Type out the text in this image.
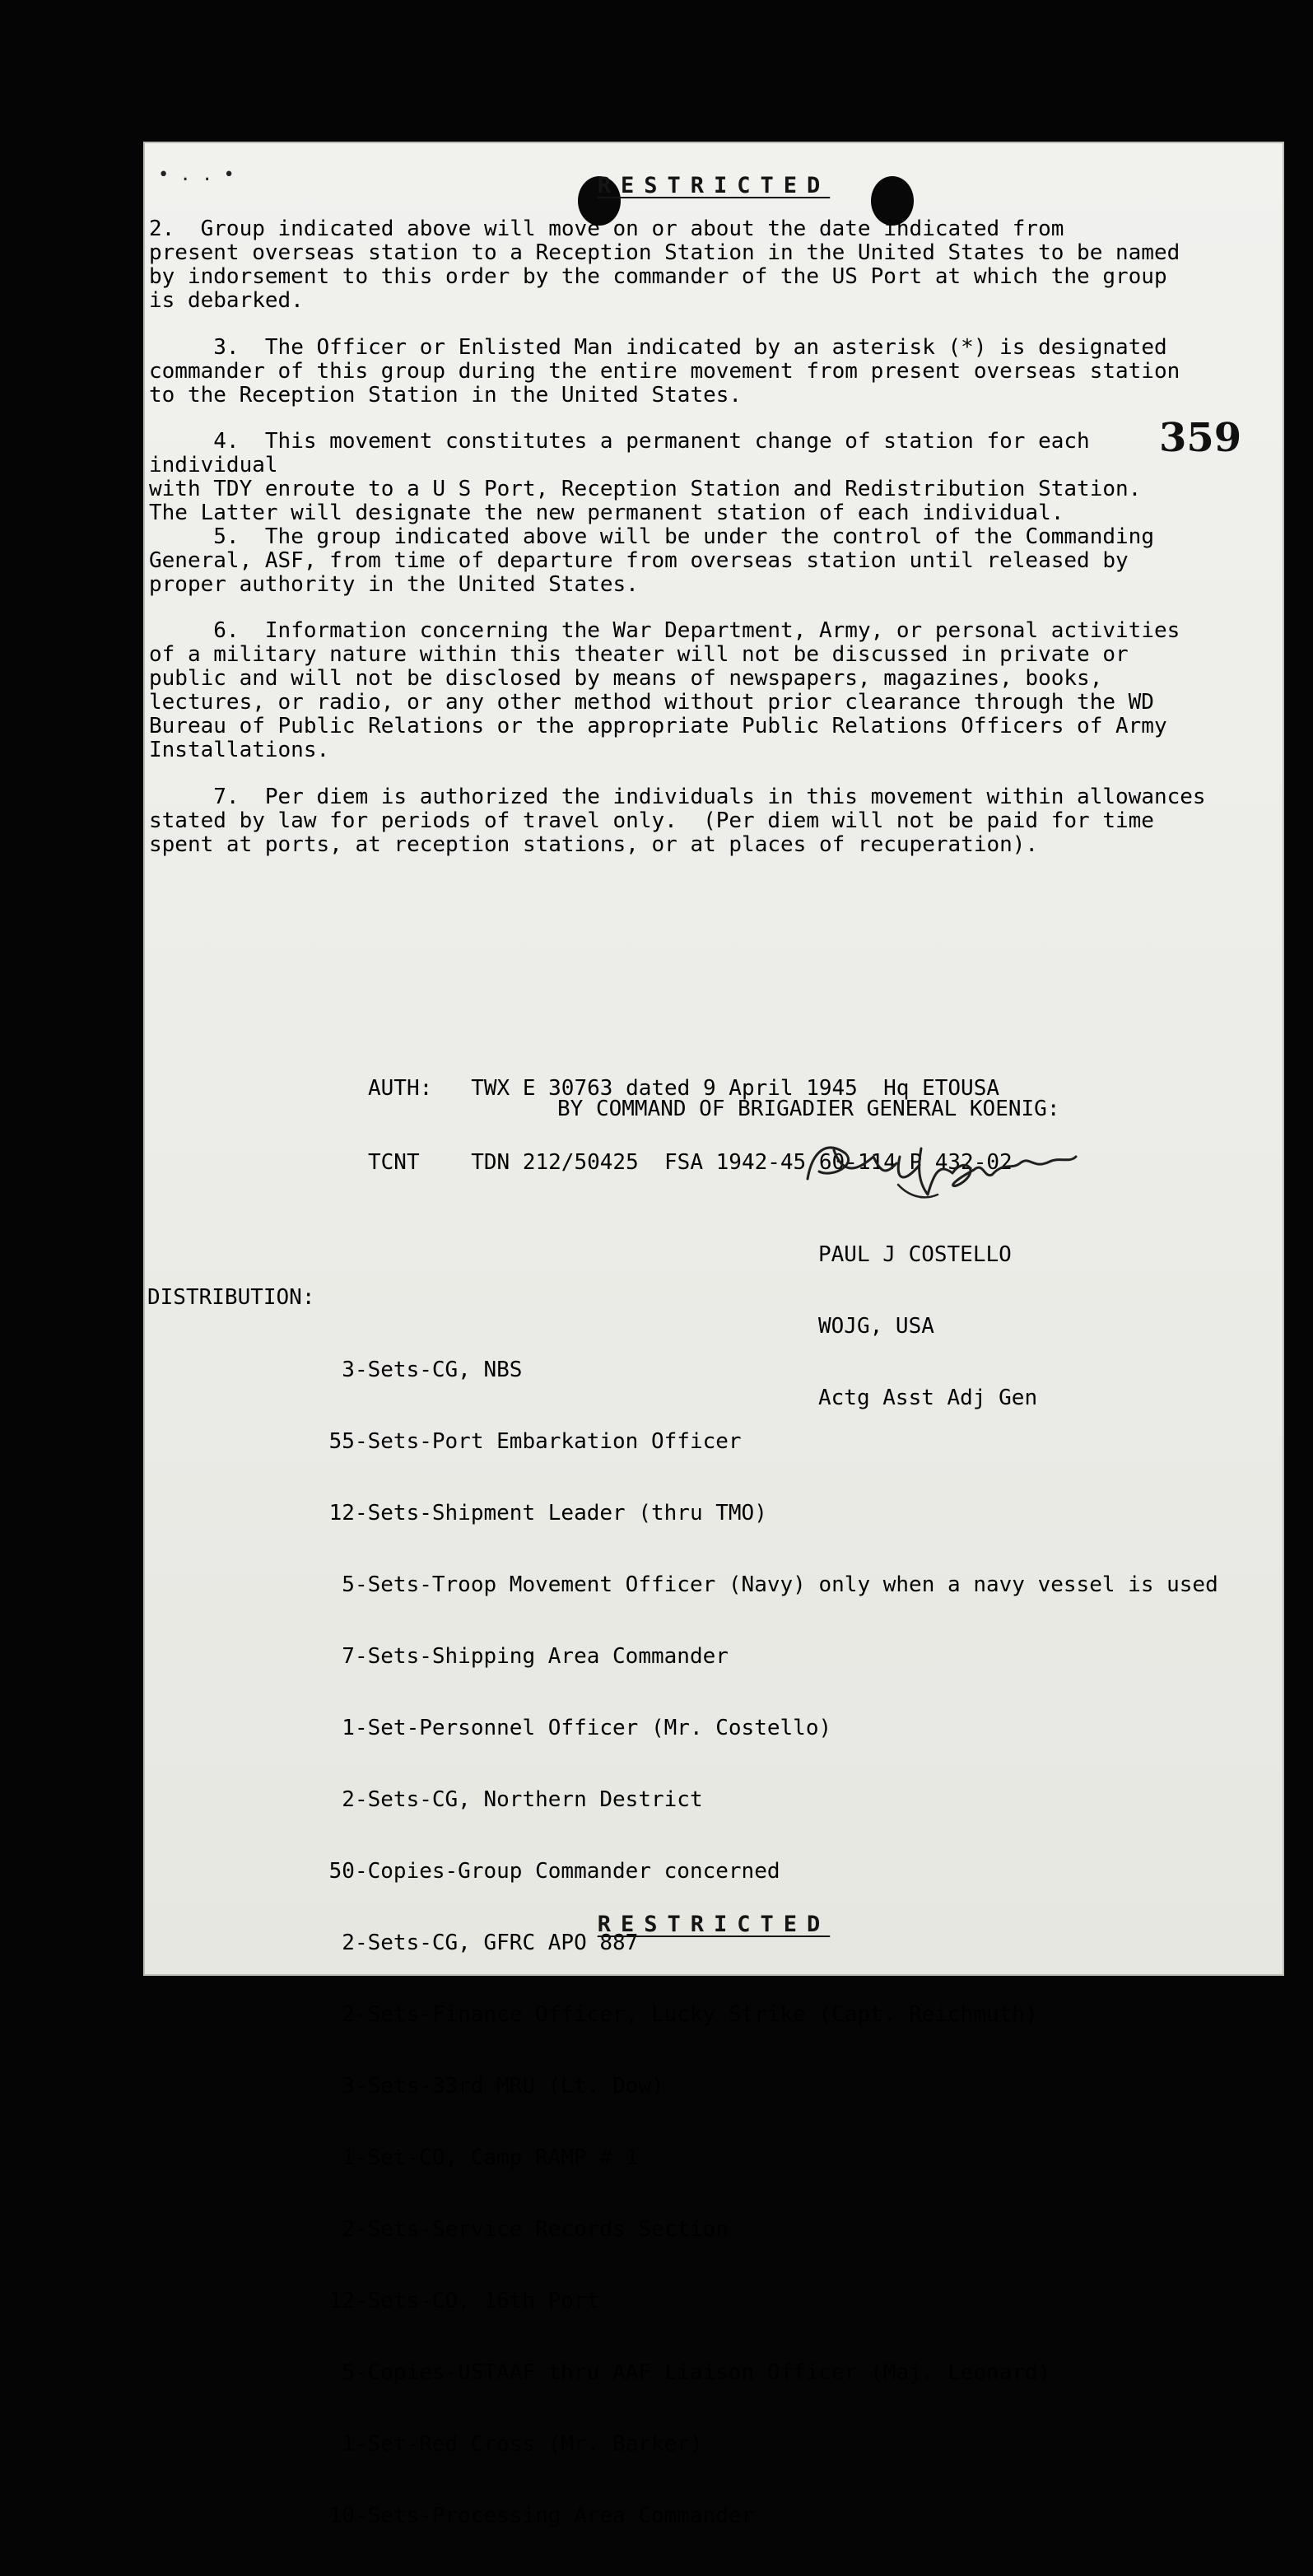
• . . •	RESTRICTED
359
2.  Group indicated above will move on or about the date indicated from
present overseas station to a Reception Station in the United States to be named
by indorsement to this order by the commander of the US Port at which the group
is debarked.
3.  The Officer or Enlisted Man indicated by an asterisk (*) is designated
commander of this group during the entire movement from present overseas station
to the Reception Station in the United States.
4.  This movement constitutes a permanent change of station for each individual
with TDY enroute to a U S Port, Reception Station and Redistribution Station.
The Latter will designate the new permanent station of each individual.
5.  The group indicated above will be under the control of the Commanding
General, ASF, from time of departure from overseas station until released by
proper authority in the United States.
6.  Information concerning the War Department, Army, or personal activities
of a military nature within this theater will not be discussed in private or
public and will not be disclosed by means of newspapers, magazines, books,
lectures, or radio, or any other method without prior clearance through the WD
Bureau of Public Relations or the appropriate Public Relations Officers of Army
Installations.
7.  Per diem is authorized the individuals in this movement within allowances
stated by law for periods of travel only.  (Per diem will not be paid for time
spent at ports, at reception stations, or at places of recuperation).

AUTH:   TWX E 30763 dated 9 April 1945  Hq ETOUSA

TCNT    TDN 212/50425  FSA 1942-45 60-114 P 432-02

BY COMMAND OF BRIGADIER GENERAL KOENIG:

PAUL J COSTELLO

WOJG, USA

Actg Asst Adj Gen

DISTRIBUTION:

3-Sets-CG, NBS

55-Sets-Port Embarkation Officer

12-Sets-Shipment Leader (thru TMO)

5-Sets-Troop Movement Officer (Navy) only when a navy vessel is used

7-Sets-Shipping Area Commander

1-Set-Personnel Officer (Mr. Costello)

2-Sets-CG, Northern Destrict

50-Copies-Group Commander concerned

2-Sets-CG, GFRC APO 887

2-Sets-Finance Officer, Lucky Strike (Capt. Reichmuth)

3-Sets-33rd MRU (Lt. Dow)

1-Set-CO, Camp RAMP # 1

2-Sets-Service Records Section

12-Sets-CO, 16th Port

5-Copies-USTAAF thru AAF Liaison Officer (Maj. Leonard)

1-Set-Red Cross (Mr. Barker)

10-Sets-Processing Area Commander

RESTRICTED
